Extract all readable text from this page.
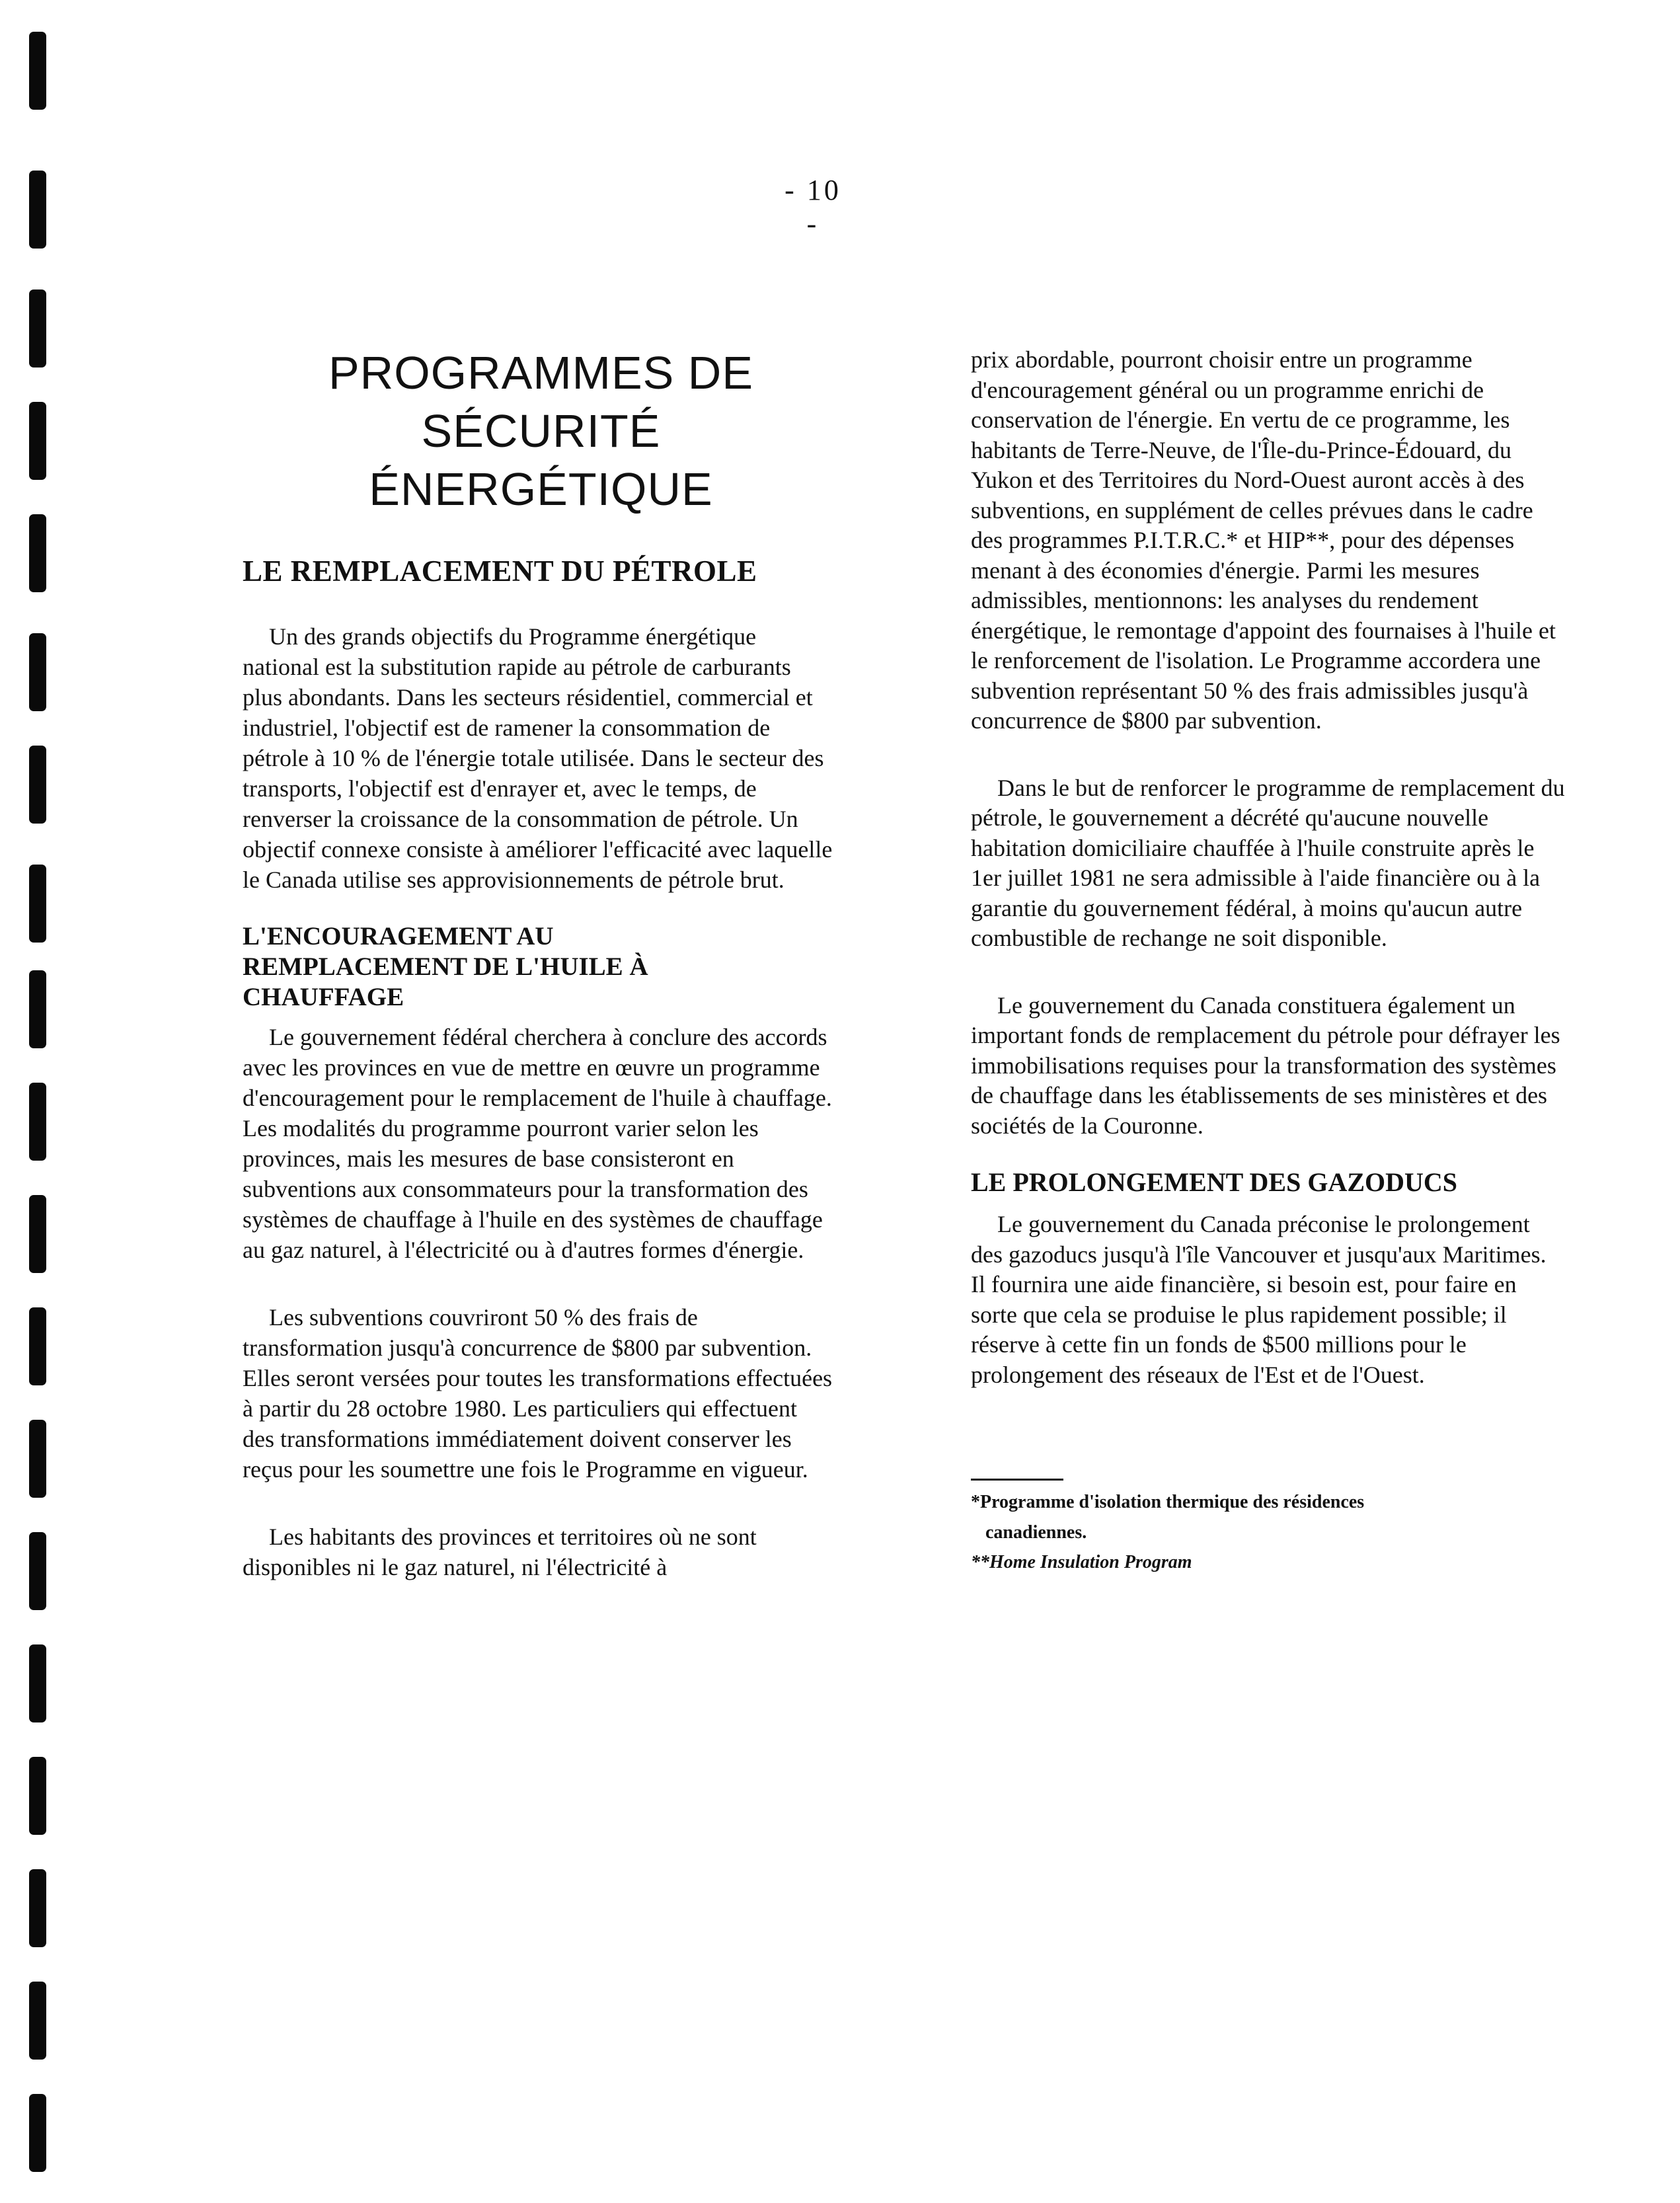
- 10 -
PROGRAMMES DE
SÉCURITÉ
ÉNERGÉTIQUE
LE REMPLACEMENT DU PÉTROLE

Un des grands objectifs du Programme énergétique national est la substitution rapide au pétrole de carburants plus abondants. Dans les secteurs résidentiel, commercial et industriel, l'objectif est de ramener la consommation de pétrole à 10 % de l'énergie totale utilisée. Dans le secteur des transports, l'objectif est d'enrayer et, avec le temps, de renverser la croissance de la consommation de pétrole. Un objectif connexe consiste à améliorer l'efficacité avec laquelle le Canada utilise ses approvisionnements de pétrole brut.

L'ENCOURAGEMENT AU
REMPLACEMENT DE L'HUILE À
CHAUFFAGE

Le gouvernement fédéral cherchera à conclure des accords avec les provinces en vue de mettre en œuvre un programme d'encouragement pour le remplacement de l'huile à chauffage. Les modalités du programme pourront varier selon les provinces, mais les mesures de base consisteront en subventions aux consommateurs pour la transformation des systèmes de chauffage à l'huile en des systèmes de chauffage au gaz naturel, à l'électricité ou à d'autres formes d'énergie.

Les subventions couvriront 50 % des frais de transformation jusqu'à concurrence de $800 par subvention. Elles seront versées pour toutes les transformations effectuées à partir du 28 octobre 1980. Les particuliers qui effectuent des transformations immédiatement doivent conserver les reçus pour les soumettre une fois le Programme en vigueur.

Les habitants des provinces et territoires où ne sont disponibles ni le gaz naturel, ni l'électricité à

prix abordable, pourront choisir entre un programme d'encouragement général ou un programme enrichi de conservation de l'énergie. En vertu de ce programme, les habitants de Terre-Neuve, de l'Île-du-Prince-Édouard, du Yukon et des Territoires du Nord-Ouest auront accès à des subventions, en supplément de celles prévues dans le cadre des programmes P.I.T.R.C.* et HIP**, pour des dépenses menant à des économies d'énergie. Parmi les mesures admissibles, mentionnons: les analyses du rendement énergétique, le remontage d'appoint des fournaises à l'huile et le renforcement de l'isolation. Le Programme accordera une subvention représentant 50 % des frais admissibles jusqu'à concurrence de $800 par subvention.

Dans le but de renforcer le programme de remplacement du pétrole, le gouvernement a décrété qu'aucune nouvelle habitation domiciliaire chauffée à l'huile construite après le 1er juillet 1981 ne sera admissible à l'aide financière ou à la garantie du gouvernement fédéral, à moins qu'aucun autre combustible de rechange ne soit disponible.

Le gouvernement du Canada constituera également un important fonds de remplacement du pétrole pour défrayer les immobilisations requises pour la transformation des systèmes de chauffage dans les établissements de ses ministères et des sociétés de la Couronne.

LE PROLONGEMENT DES GAZODUCS

Le gouvernement du Canada préconise le prolongement des gazoducs jusqu'à l'île Vancouver et jusqu'aux Maritimes. Il fournira une aide financière, si besoin est, pour faire en sorte que cela se produise le plus rapidement possible; il réserve à cette fin un fonds de $500 millions pour le prolongement des réseaux de l'Est et de l'Ouest.

*Programme d'isolation thermique des résidences
canadiennes.

**Home Insulation Program
